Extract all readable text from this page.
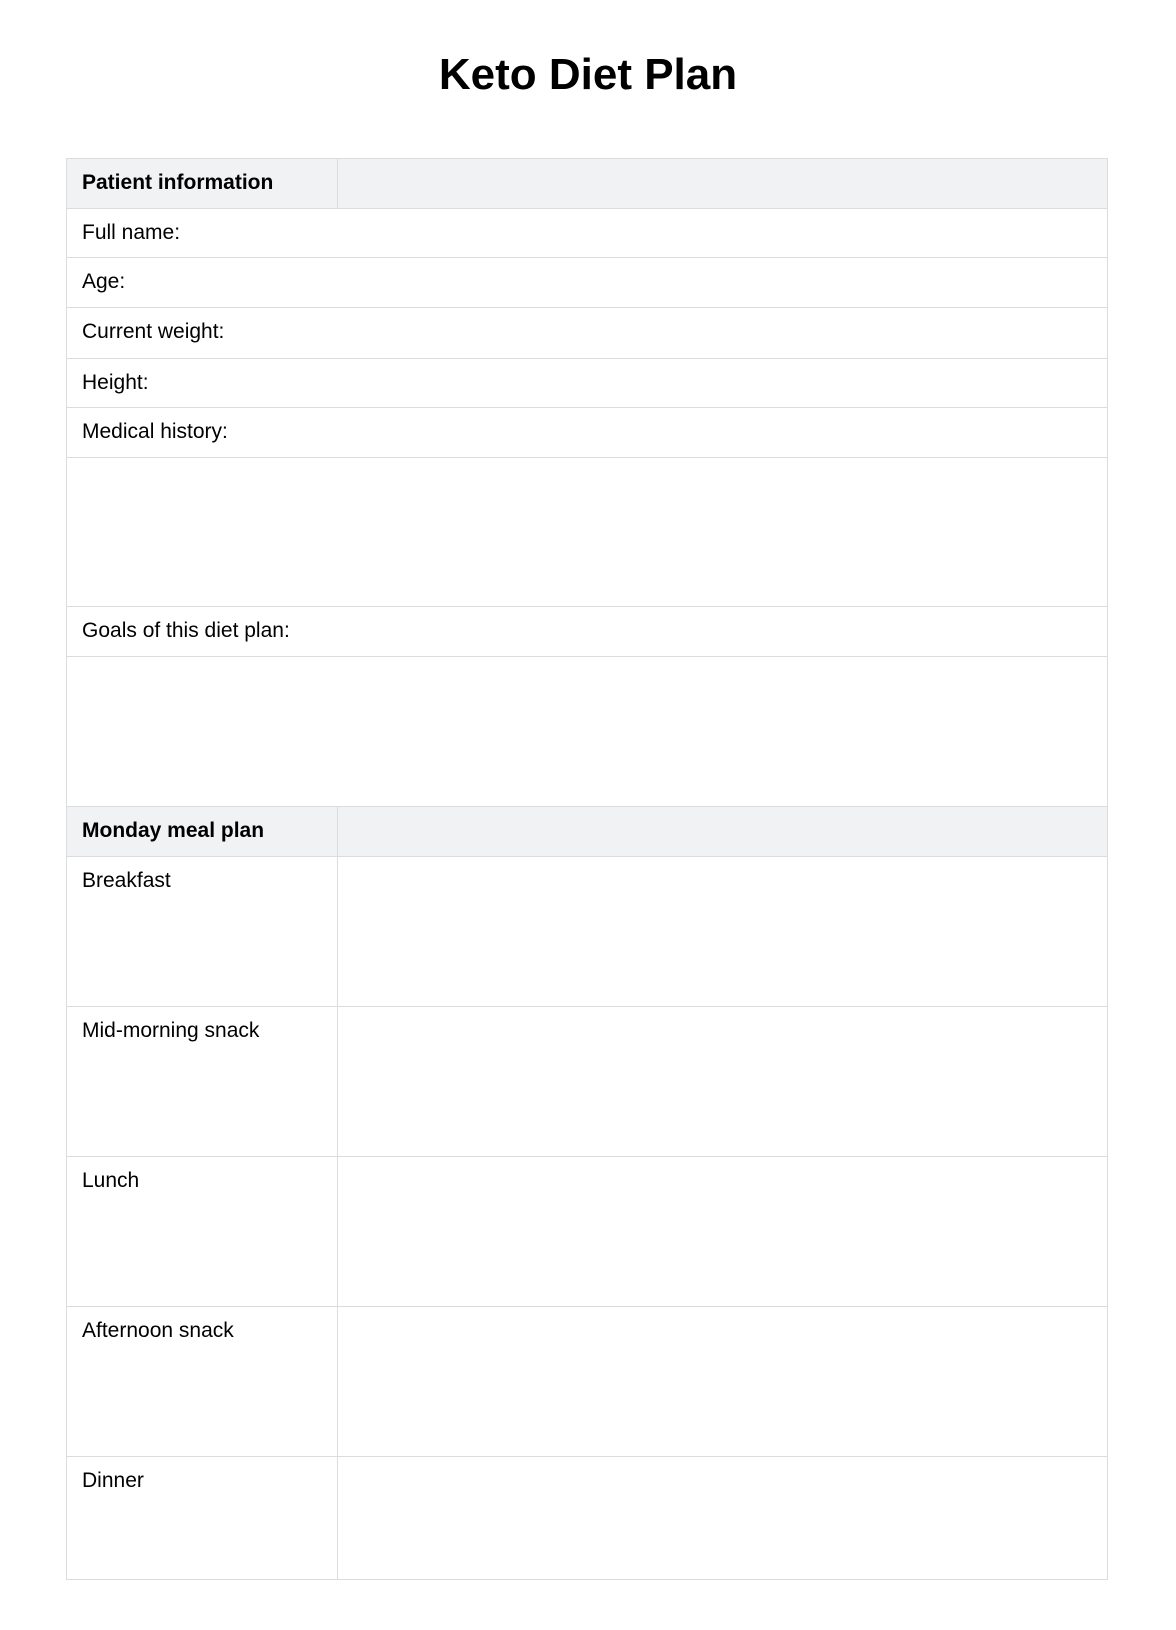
Keto Diet Plan
Patient information
Full name:
Age:
Current weight:
Height:
Medical history:
Goals of this diet plan:
Monday meal plan
Breakfast
Mid-morning snack
Lunch
Afternoon snack
Dinner
